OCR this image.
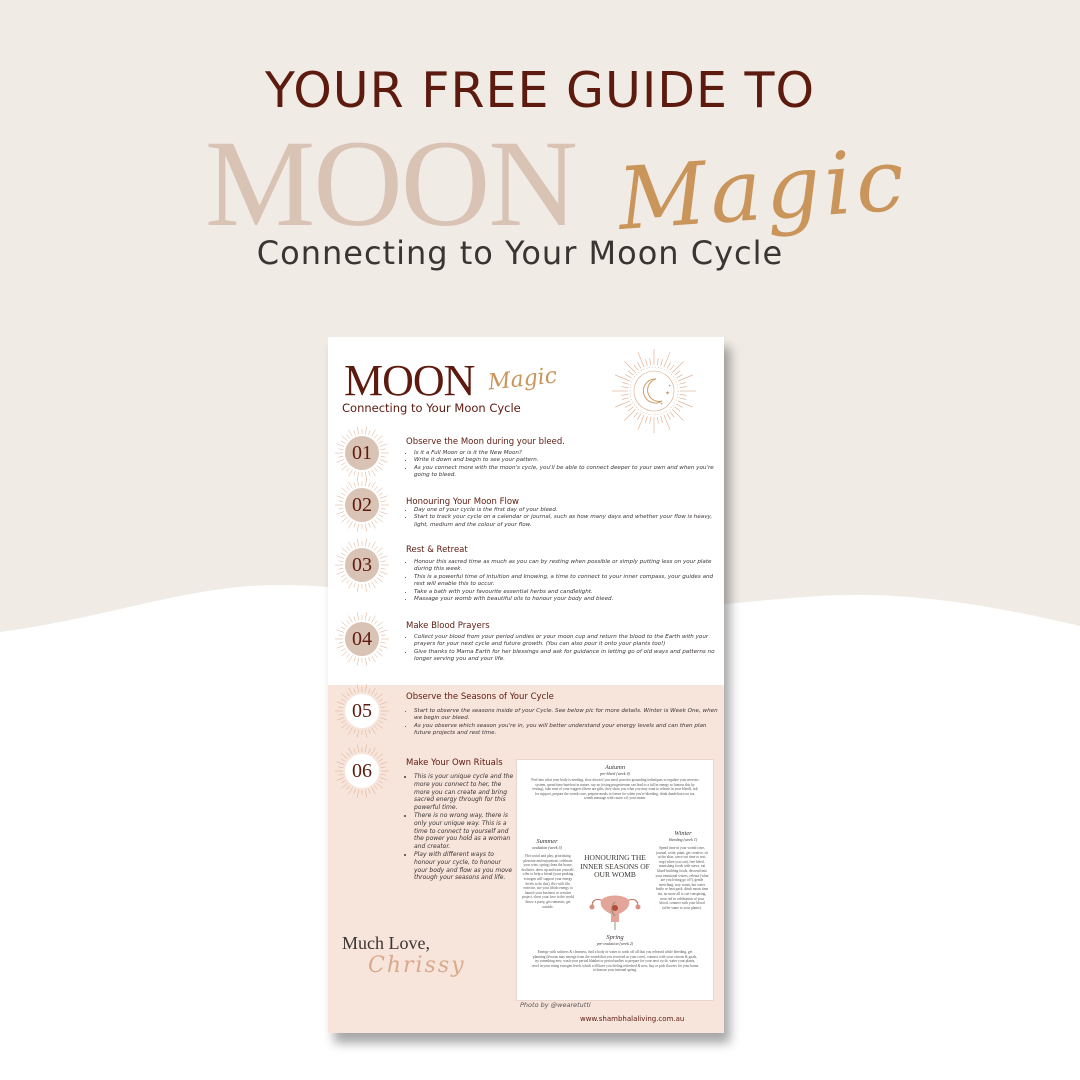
YOUR FREE GUIDE TO
MOON Magic
Connecting to Your Moon Cycle
MOON Magic
Connecting to Your Moon Cycle
✦
✦
✦
01	Observe the Moon during your bleed.
• Is it a Full Moon or is it the New Moon?
• Write it down and begin to see your pattern.
• As you connect more with the moon's cycle, you'll be able to connect deeper to your own and when you're going to bleed.
02	Honouring Your Moon Flow
• Day one of your cycle is the first day of your bleed.
• Start to track your cycle on a calendar or journal, such as how many days and whether your flow is heavy, light, medium and the colour of your flow.
03
Rest & Retreat
• Honour this sacred time as much as you can by resting when possible or simply putting less on your plate during this week.
• This is a powerful time of intuition and knowing, a time to connect to your inner compass, your guides and rest will enable this to occur.
• Take a bath with your favourite essential herbs and candlelight.
• Massage your womb with beautiful oils to honour your body and bleed.
04
Make Blood Prayers
• Collect your blood from your period undies or your moon cup and return the blood to the Earth with your prayers for your next cycle and future growth. (You can also pour it onto your plants too!)
• Give thanks to Mama Earth for her blessings and ask for guidance in letting go of old ways and patterns no longer serving you and your life.
05
Observe the Seasons of Your Cycle
• Start to observe the seasons inside of your Cycle. See below pic for more details. Winter is Week One, when we begin our bleed.
• As you observe which season you're in, you will better understand your energy levels and can then plan future projects and rest time.
06	Make Your Own Rituals
• This is your unique cycle and the more you connect to her, the more you can create and bring sacred energy through for this powerful time.
• There is no wrong way, there is only your unique way. This is a time to connect to yourself and the power you hold as a woman and creator.
• Play with different ways to honour your cycle, to honour your body and flow as you move through your seasons and life.
Much Love,
Chrissy
Autumn
pre-bleed (week 4)
Feel into what your body is needing, slow down if you need, practice grounding techniques to regulate your nervous system, spend time barefoot in nature, say no (rising progesterone can lead to a fall in energy so honour this by resting), take note of your triggers (these are gifts, they show you what you may want to release in your bleed), ask for support, prepare the womb cave, prepare meals to freeze for when you're bleeding, drink dandelion root tea, womb massage with castor oil, yoni steam.
Summer
ovulation (week 3)
Hot social and play, prioritising pleasure and enjoyment, celebrate your wins, spring clean the house, declutter, dress up and treat yourself, offer to help a friend (your peaking estrogen will support your energy levels to do this), flirt with life, exercise, use your libido energy to launch your business or creative project, show your love to the world throw a party, get romantic, get outside.
HONOURING THE INNER SEASONS OF OUR WOMB
Winter
bleeding (week 1)
Spend time in your womb cave, journal, write, paint, get creative, sit at the altar, carve out time to rest, nap (when you can), free bleed, nourishing foods with stews, eat blood-building foods, descend into your emotional waters, release (what are you letting go of?), gentle stretching, stay warm, hot water bottle or heat pack, drink moon time tea, no more all is cue conspiring, wear red in celebration of your blood, connect with your blood (offer some to your plants).
Spring
pre-ovulation (week 2)
Emerge with softness & clearness, find a body of water to wash off all that you released while bleeding, get planning (lessons may emerge from the womb that you received as your cave), connect with your visions & goals, try something new, wash your period blanket or period undies to prepare for your next cycle, water your plants, revel in your rising estrogen levels which will have you feeling refreshed & new, buy or pick flowers for your home to honour your internal spring.
Photo by @wearetutti
www.shambhalaliving.com.au
